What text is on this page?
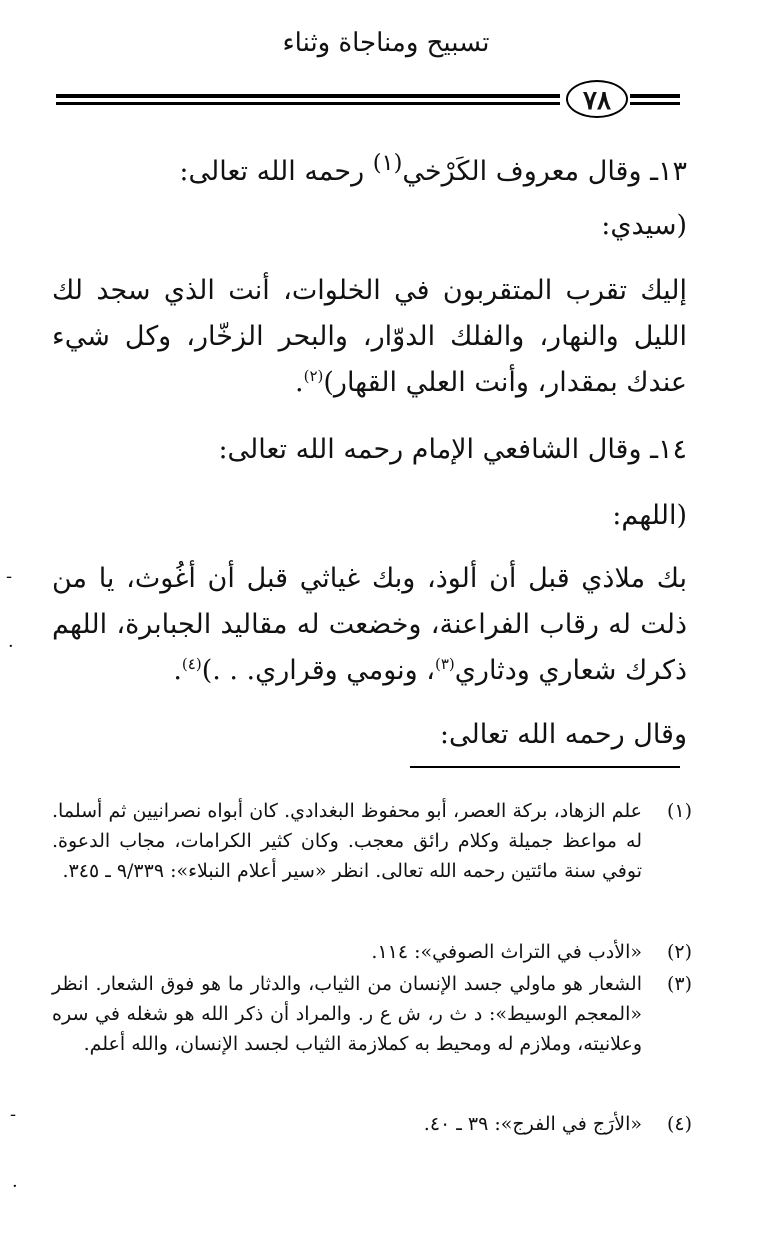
تسبيح ومناجاة وثناء
٧٨
١٣ـ وقال معروف الكَرْخي$^{(١)}$ رحمه الله تعالى:
(سيدي:
إليك تقرب المتقربون في الخلوات، أنت الذي سجد لك الليل والنهار، والفلك الدوّار، والبحر الزخّار، وكل شيء عندك بمقدار، وأنت العلي القهار)$^{(٢)}$.
١٤ـ وقال الشافعي الإمام رحمه الله تعالى:
(اللهم:
بك ملاذي قبل أن ألوذ، وبك غياثي قبل أن أغُوث، يا من ذلت له رقاب الفراعنة، وخضعت له مقاليد الجبابرة، اللهم ذكرك شعاري ودثاري$^{(٣)}$، ونومي وقراري. . .)$^{(٤)}$.
وقال رحمه الله تعالى:
(١)
علم الزهاد، بركة العصر، أبو محفوظ البغدادي. كان أبواه نصرانيين ثم أسلما. له مواعظ جميلة وكلام رائق معجب. وكان كثير الكرامات، مجاب الدعوة. توفي سنة مائتين رحمه الله تعالى. انظر «سير أعلام النبلاء»: ٩/٣٣٩ ـ ٣٤٥.
(٢)
«الأدب في التراث الصوفي»: ١١٤.
(٣)
الشعار هو ماولي جسد الإنسان من الثياب، والدثار ما هو فوق الشعار. انظر «المعجم الوسيط»: د ث ر، ش ع ر. والمراد أن ذكر الله هو شغله في سره وعلانيته، وملازم له ومحيط به كملازمة الثياب لجسد الإنسان، والله أعلم.
(٤)
«الأرَج في الفرج»: ٣٩ ـ ٤٠.
-
·
-
·
